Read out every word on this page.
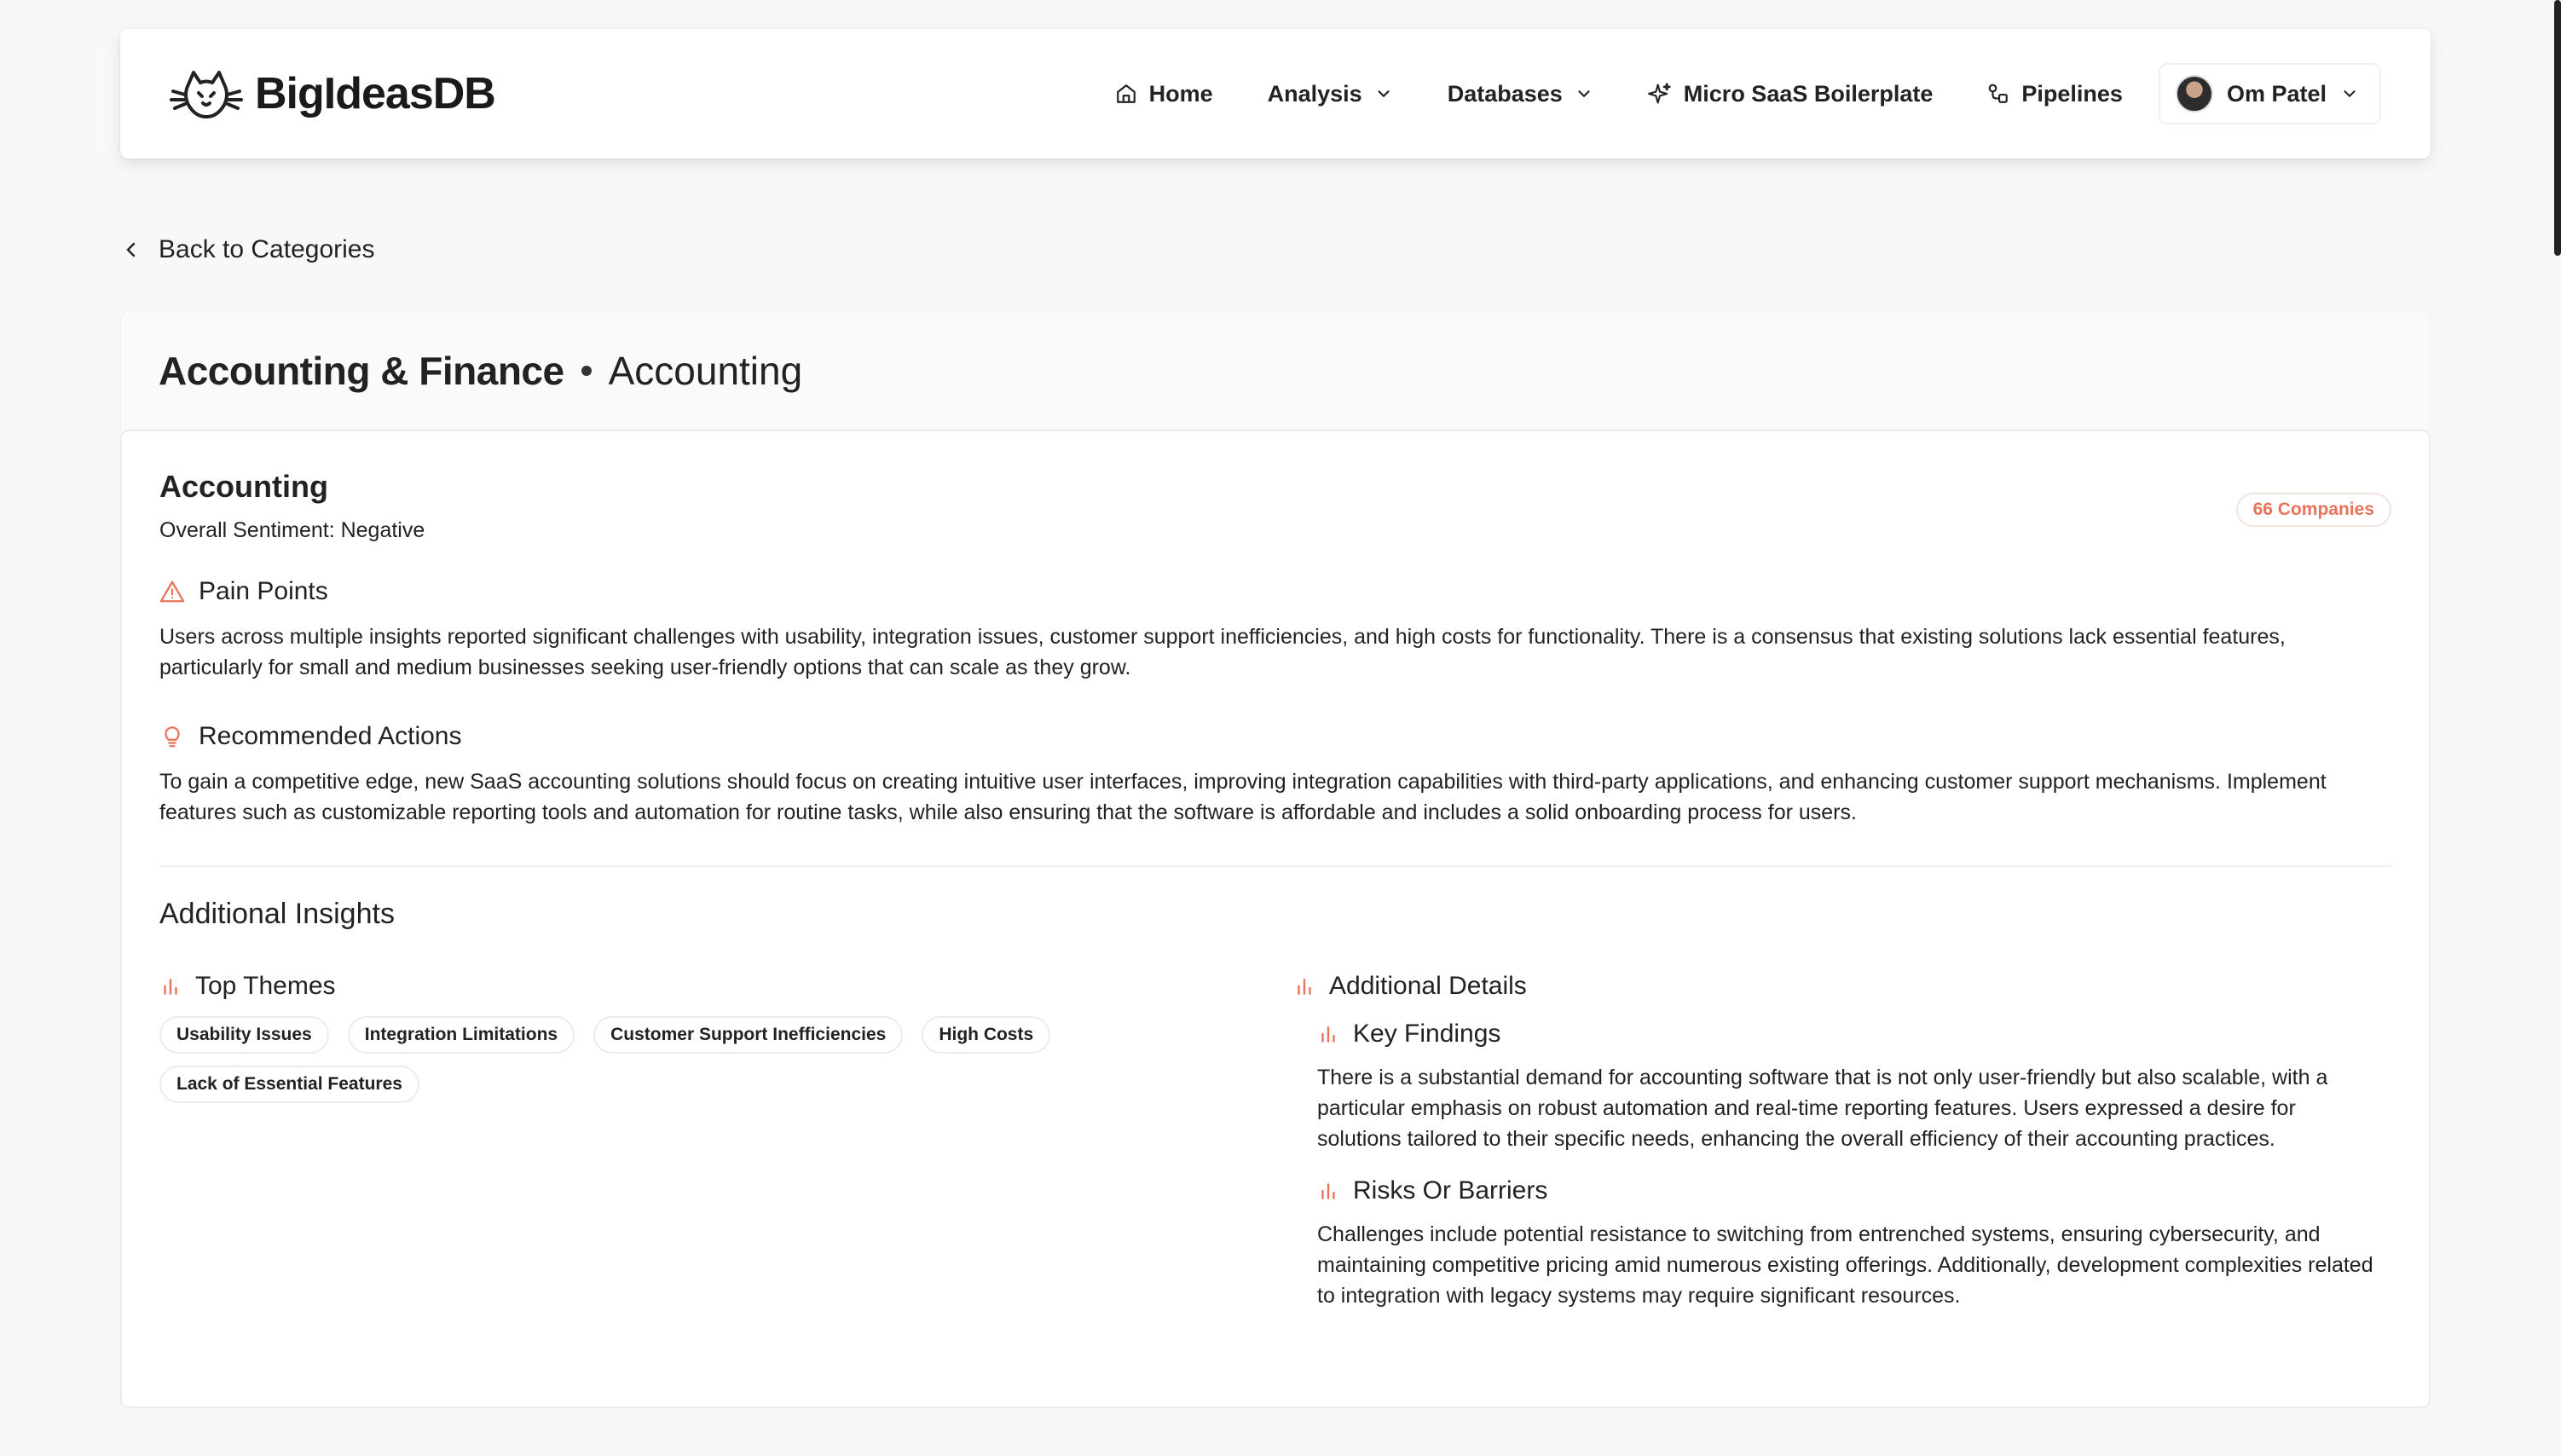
BigIdeasDB	Home Analysis	Databases	Micro SaaS Boilerplate	Pipelines	Om Patel
Back to Categories
Accounting & Finance Accounting
Accounting
Overall Sentiment: Negative
66 Companies
Pain Points
Users across multiple insights reported significant challenges with usability, integration issues, customer support inefficiencies, and high costs for functionality. There is a consensus that existing solutions lack essential features, particularly for small and medium businesses seeking user-friendly options that can scale as they grow.
Recommended Actions
To gain a competitive edge, new SaaS accounting solutions should focus on creating intuitive user interfaces, improving integration capabilities with third-party applications, and enhancing customer support mechanisms. Implement features such as customizable reporting tools and automation for routine tasks, while also ensuring that the software is affordable and includes a solid onboarding process for users.
Additional Insights
Top Themes
Usability Issues	Integration Limitations	Customer Support Inefficiencies	High Costs
Lack of Essential Features
Additional Details
Key Findings
There is a substantial demand for accounting software that is not only user-friendly but also scalable, with a particular emphasis on robust automation and real-time reporting features. Users expressed a desire for solutions tailored to their specific needs, enhancing the overall efficiency of their accounting practices.
Risks Or Barriers
Challenges include potential resistance to switching from entrenched systems, ensuring cybersecurity, and maintaining competitive pricing amid numerous existing offerings. Additionally, development complexities related to integration with legacy systems may require significant resources.
